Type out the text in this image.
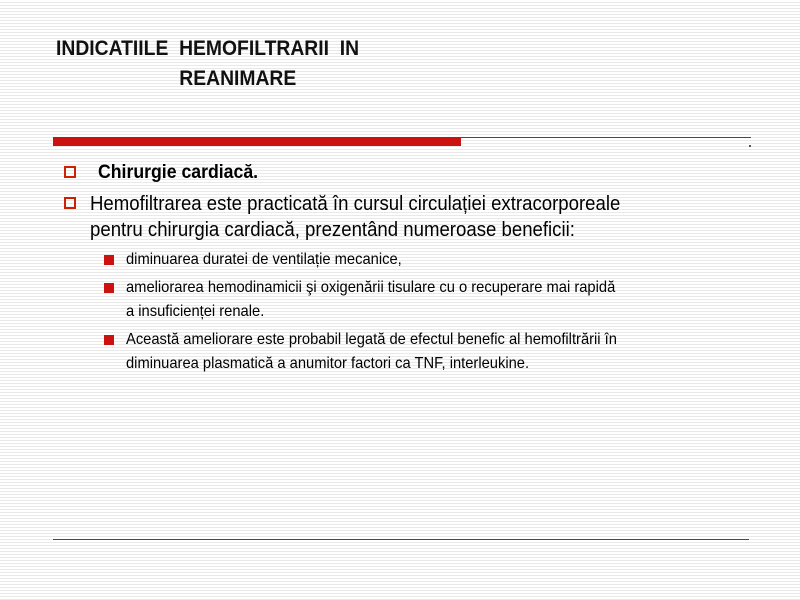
INDICATIILE  HEMOFILTRARII  IN
REANIMARE
Chirurgie cardiacă.
Hemofiltrarea este practicată în cursul circulației extracorporeale
pentru chirurgia cardiacă, prezentând numeroase beneficii:
diminuarea duratei de ventilație mecanice,
ameliorarea hemodinamicii şi oxigenării tisulare cu o recuperare mai rapidă
a insuficienței renale.
Această ameliorare este probabil legată de efectul benefic al hemofiltrării în
diminuarea plasmatică a anumitor factori ca TNF, interleukine.
